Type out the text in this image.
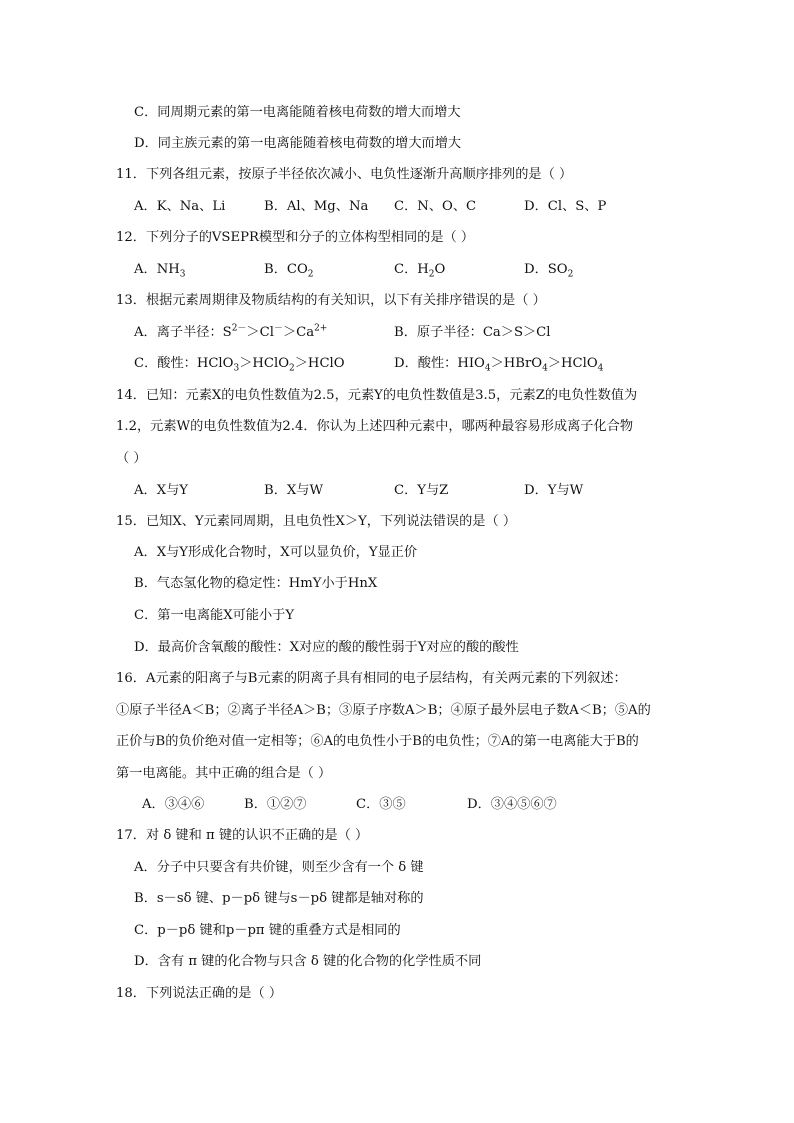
C．同周期元素的第一电离能随着核电荷数的增大而增大
D．同主族元素的第一电离能随着核电荷数的增大而增大
11．下列各组元素，按原子半径依次减小、电负性逐渐升高顺序排列的是（ ）
A．K、Na、Li	B．Al、Mg、Na C．N、O、C	D．Cl、S、P
12．下列分子的VSEPR模型和分子的立体构型相同的是（ ）
A．$NH_3$	B．$CO_2$	C．$H_2O$	D．$SO_2$
13．根据元素周期律及物质结构的有关知识，以下有关排序错误的是（ ）
A．离子半径：$S^{2-}>Cl^->Ca^{2+}$	B．原子半径：Ca＞S＞Cl
C．酸性：HClO$_3$＞HClO$_2$＞HClO	D．酸性：$HIO_4>HBrO_4>HClO_4$
14．已知：元素X的电负性数值为2.5，元素Y的电负性数值是3.5，元素Z的电负性数值为
1.2，元素W的电负性数值为2.4．你认为上述四种元素中，哪两种最容易形成离子化合物
（ ）
A．X与Y	B．X与W	C．Y与Z	D．Y与W
15．已知X、Y元素同周期，且电负性X＞Y，下列说法错误的是（ ）
A．X与Y形成化合物时，X可以显负价，Y显正价
B．气态氢化物的稳定性：HmY小于HnX
C．第一电离能X可能小于Y
D．最高价含氧酸的酸性：X对应的酸的酸性弱于Y对应的酸的酸性
16．A元素的阳离子与B元素的阴离子具有相同的电子层结构，有关两元素的下列叙述：
①原子半径A＜B；②离子半径A＞B；③原子序数A＞B；④原子最外层电子数A＜B；⑤A的
正价与B的负价绝对值一定相等；⑥A的电负性小于B的电负性；⑦A的第一电离能大于B的
第一电离能。其中正确的组合是（ ）
A．③④⑥	B．①②⑦	C．③⑤	D．③④⑤⑥⑦
17．对 δ 键和 π 键的认识不正确的是（ ）
A．分子中只要含有共价键，则至少含有一个 δ 键
B．s－sδ 键、p－pδ 键与s－pδ 键都是轴对称的
C．p－pδ 键和p－pπ 键的重叠方式是相同的
D．含有 π 键的化合物与只含 δ 键的化合物的化学性质不同
18．下列说法正确的是（ ）
